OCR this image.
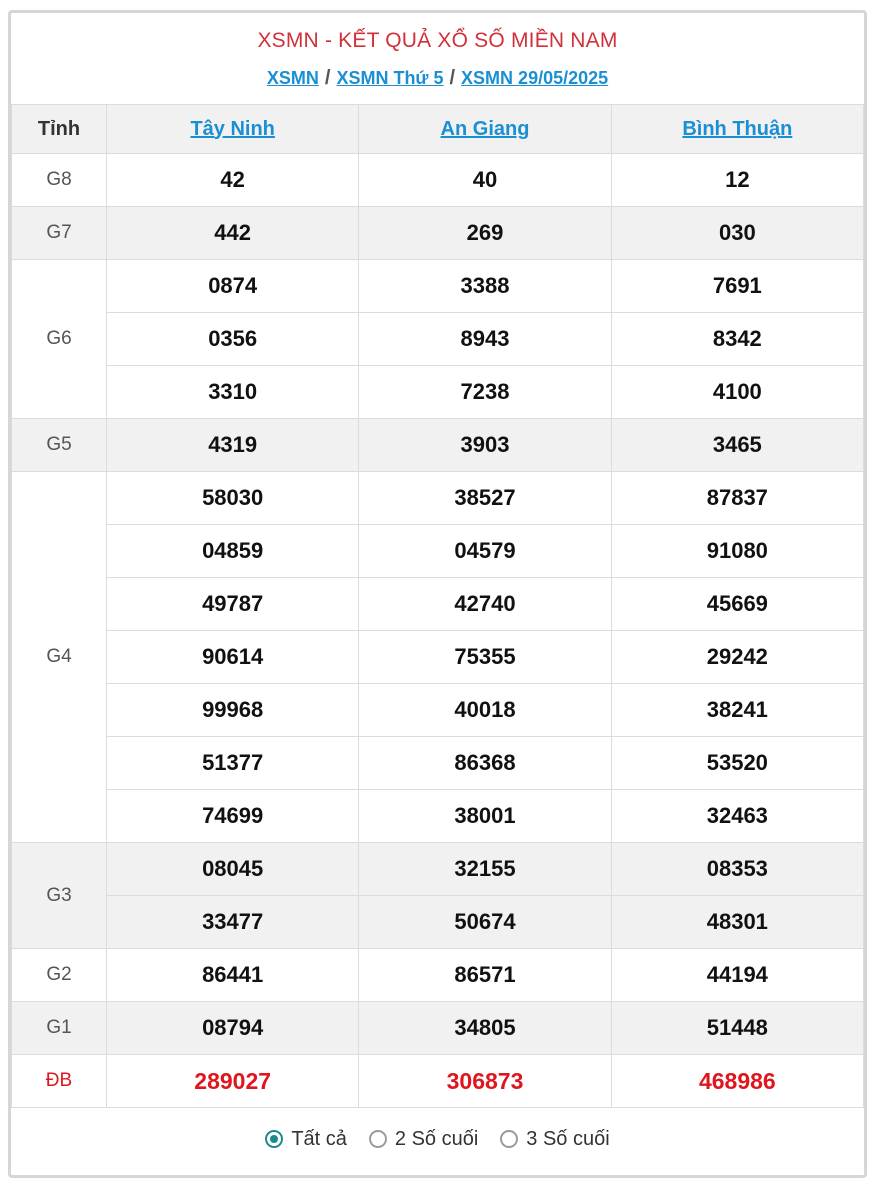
XSMN - KẾT QUẢ XỔ SỐ MIỀN NAM
XSMN / XSMN Thứ 5 / XSMN 29/05/2025
Tỉnh	Tây Ninh	An Giang	Bình Thuận
G8	42	40	12
G7	442	269	030
G6	0874	3388	7691
	0356	8943	8342
	3310	7238	4100
G5	4319	3903	3465
G4	58030	38527	87837
	04859	04579	91080
	49787	42740	45669
	90614	75355	29242
	99968	40018	38241
	51377	86368	53520
	74699	38001	32463
G3	08045	32155	08353
	33477	50674	48301
G2	86441	86571	44194
G1	08794	34805	51448
ĐB	289027	306873	468986
Tất cả 2 Số cuối 3 Số cuối
